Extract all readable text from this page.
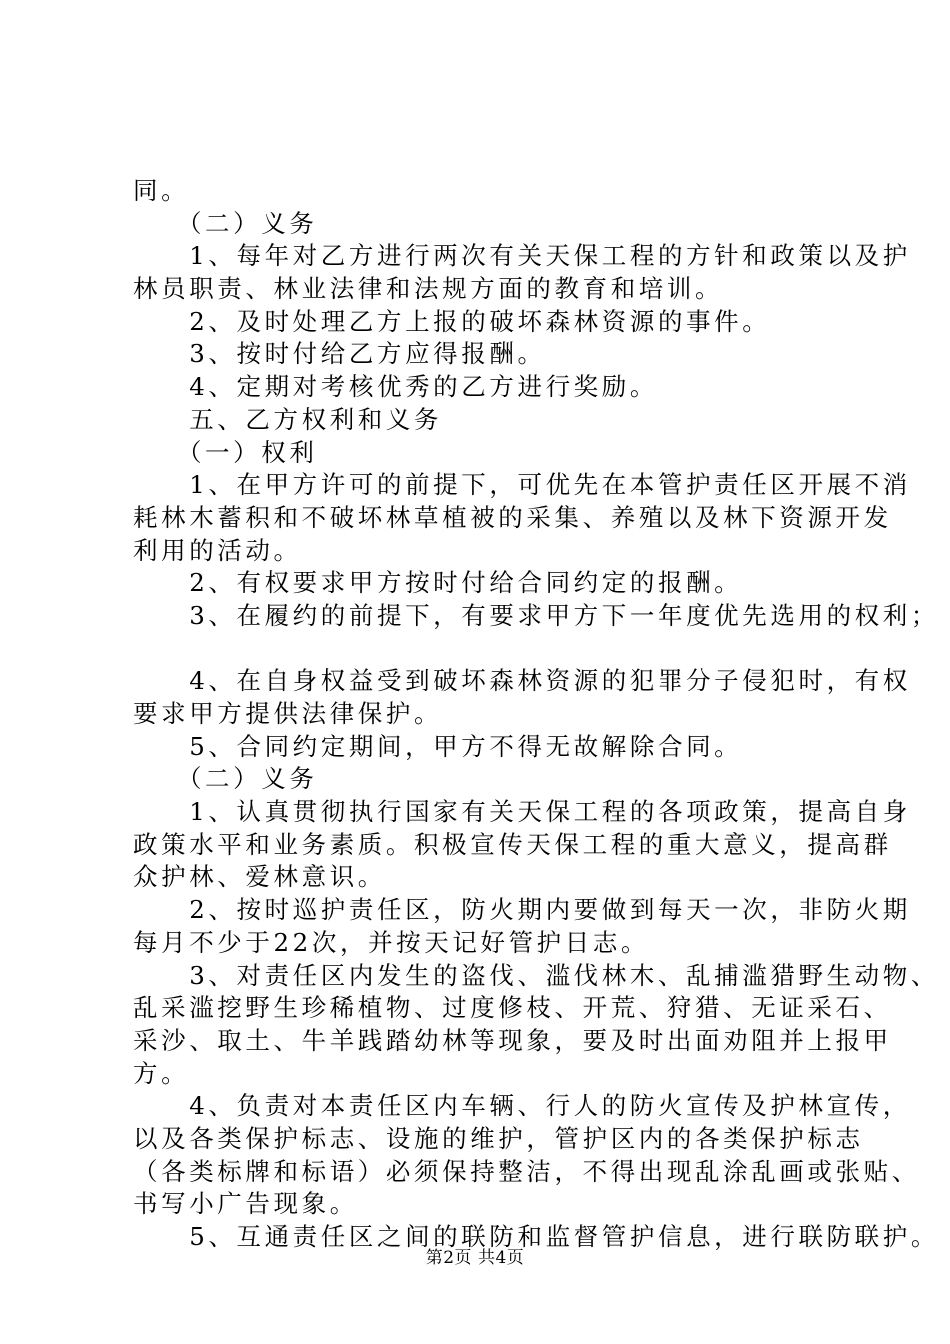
同。
　　（二）义务
　　1、每年对乙方进行两次有关天保工程的方针和政策以及护
林员职责、林业法律和法规方面的教育和培训。
　　2、及时处理乙方上报的破坏森林资源的事件。
　　3、按时付给乙方应得报酬。
　　4、定期对考核优秀的乙方进行奖励。
　　五、乙方权利和义务
　　（一）权利
　　1、在甲方许可的前提下，可优先在本管护责任区开展不消
耗林木蓄积和不破坏林草植被的采集、养殖以及林下资源开发
利用的活动。
　　2、有权要求甲方按时付给合同约定的报酬。
　　3、在履约的前提下，有要求甲方下一年度优先选用的权利；
　　4、在自身权益受到破坏森林资源的犯罪分子侵犯时，有权
要求甲方提供法律保护。
　　5、合同约定期间，甲方不得无故解除合同。
　　（二）义务
　　1、认真贯彻执行国家有关天保工程的各项政策，提高自身
政策水平和业务素质。积极宣传天保工程的重大意义，提高群
众护林、爱林意识。
　　2、按时巡护责任区，防火期内要做到每天一次，非防火期
每月不少于22次，并按天记好管护日志。
　　3、对责任区内发生的盗伐、滥伐林木、乱捕滥猎野生动物、
乱采滥挖野生珍稀植物、过度修枝、开荒、狩猎、无证采石、
采沙、取土、牛羊践踏幼林等现象，要及时出面劝阻并上报甲
方。
　　4、负责对本责任区内车辆、行人的防火宣传及护林宣传，
以及各类保护标志、设施的维护，管护区内的各类保护标志
（各类标牌和标语）必须保持整洁，不得出现乱涂乱画或张贴、
书写小广告现象。
　　5、互通责任区之间的联防和监督管护信息，进行联防联护。
第2页 共4页
